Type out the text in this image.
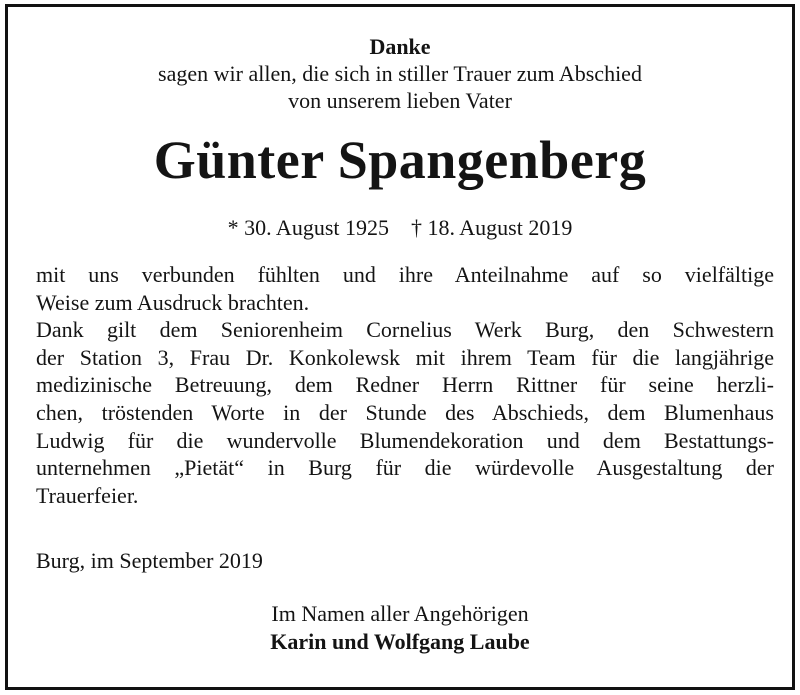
Danke

sagen wir allen, die sich in stiller Trauer zum Abschied
von unserem lieben Vater

Günter Spangenberg

* 30. August 1925 † 18. August 2019

mit uns verbunden fühlten und ihre Anteilnahme auf so vielfältige
Weise zum Ausdruck brachten.
Dank gilt dem Seniorenheim Cornelius Werk Burg, den Schwestern
der Station 3, Frau Dr. Konkolewsk mit ihrem Team für die langjährige
medizinische Betreuung, dem Redner Herrn Rittner für seine herzli-
chen, tröstenden Worte in der Stunde des Abschieds, dem Blumenhaus
Ludwig für die wundervolle Blumendekoration und dem Bestattungs-
unternehmen „Pietät“ in Burg für die würdevolle Ausgestaltung der
Trauerfeier.

Burg, im September 2019

Im Namen aller Angehörigen

Karin und Wolfgang Laube
